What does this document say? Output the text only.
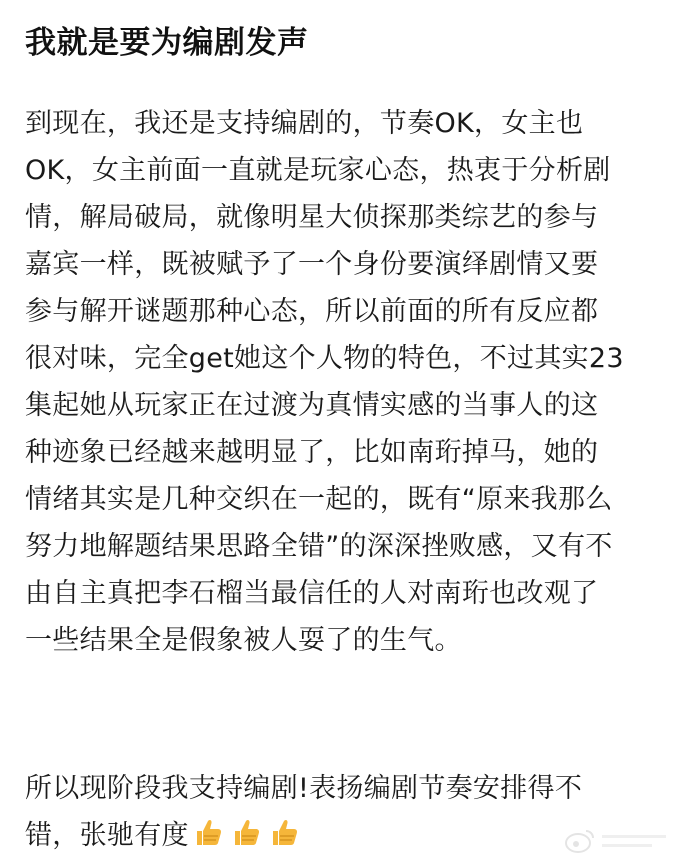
我就是要为编剧发声
到现在，我还是支持编剧的，节奏OK，女主也
OK，女主前面一直就是玩家心态，热衷于分析剧
情，解局破局，就像明星大侦探那类综艺的参与
嘉宾一样，既被赋予了一个身份要演绎剧情又要
参与解开谜题那种心态，所以前面的所有反应都
很对味，完全get她这个人物的特色，不过其实23
集起她从玩家正在过渡为真情实感的当事人的这
种迹象已经越来越明显了，比如南珩掉马，她的
情绪其实是几种交织在一起的，既有“原来我那么
努力地解题结果思路全错”的深深挫败感，又有不
由自主真把李石榴当最信任的人对南珩也改观了
一些结果全是假象被人耍了的生气。
所以现阶段我支持编剧!表扬编剧节奏安排得不
错，张驰有度
